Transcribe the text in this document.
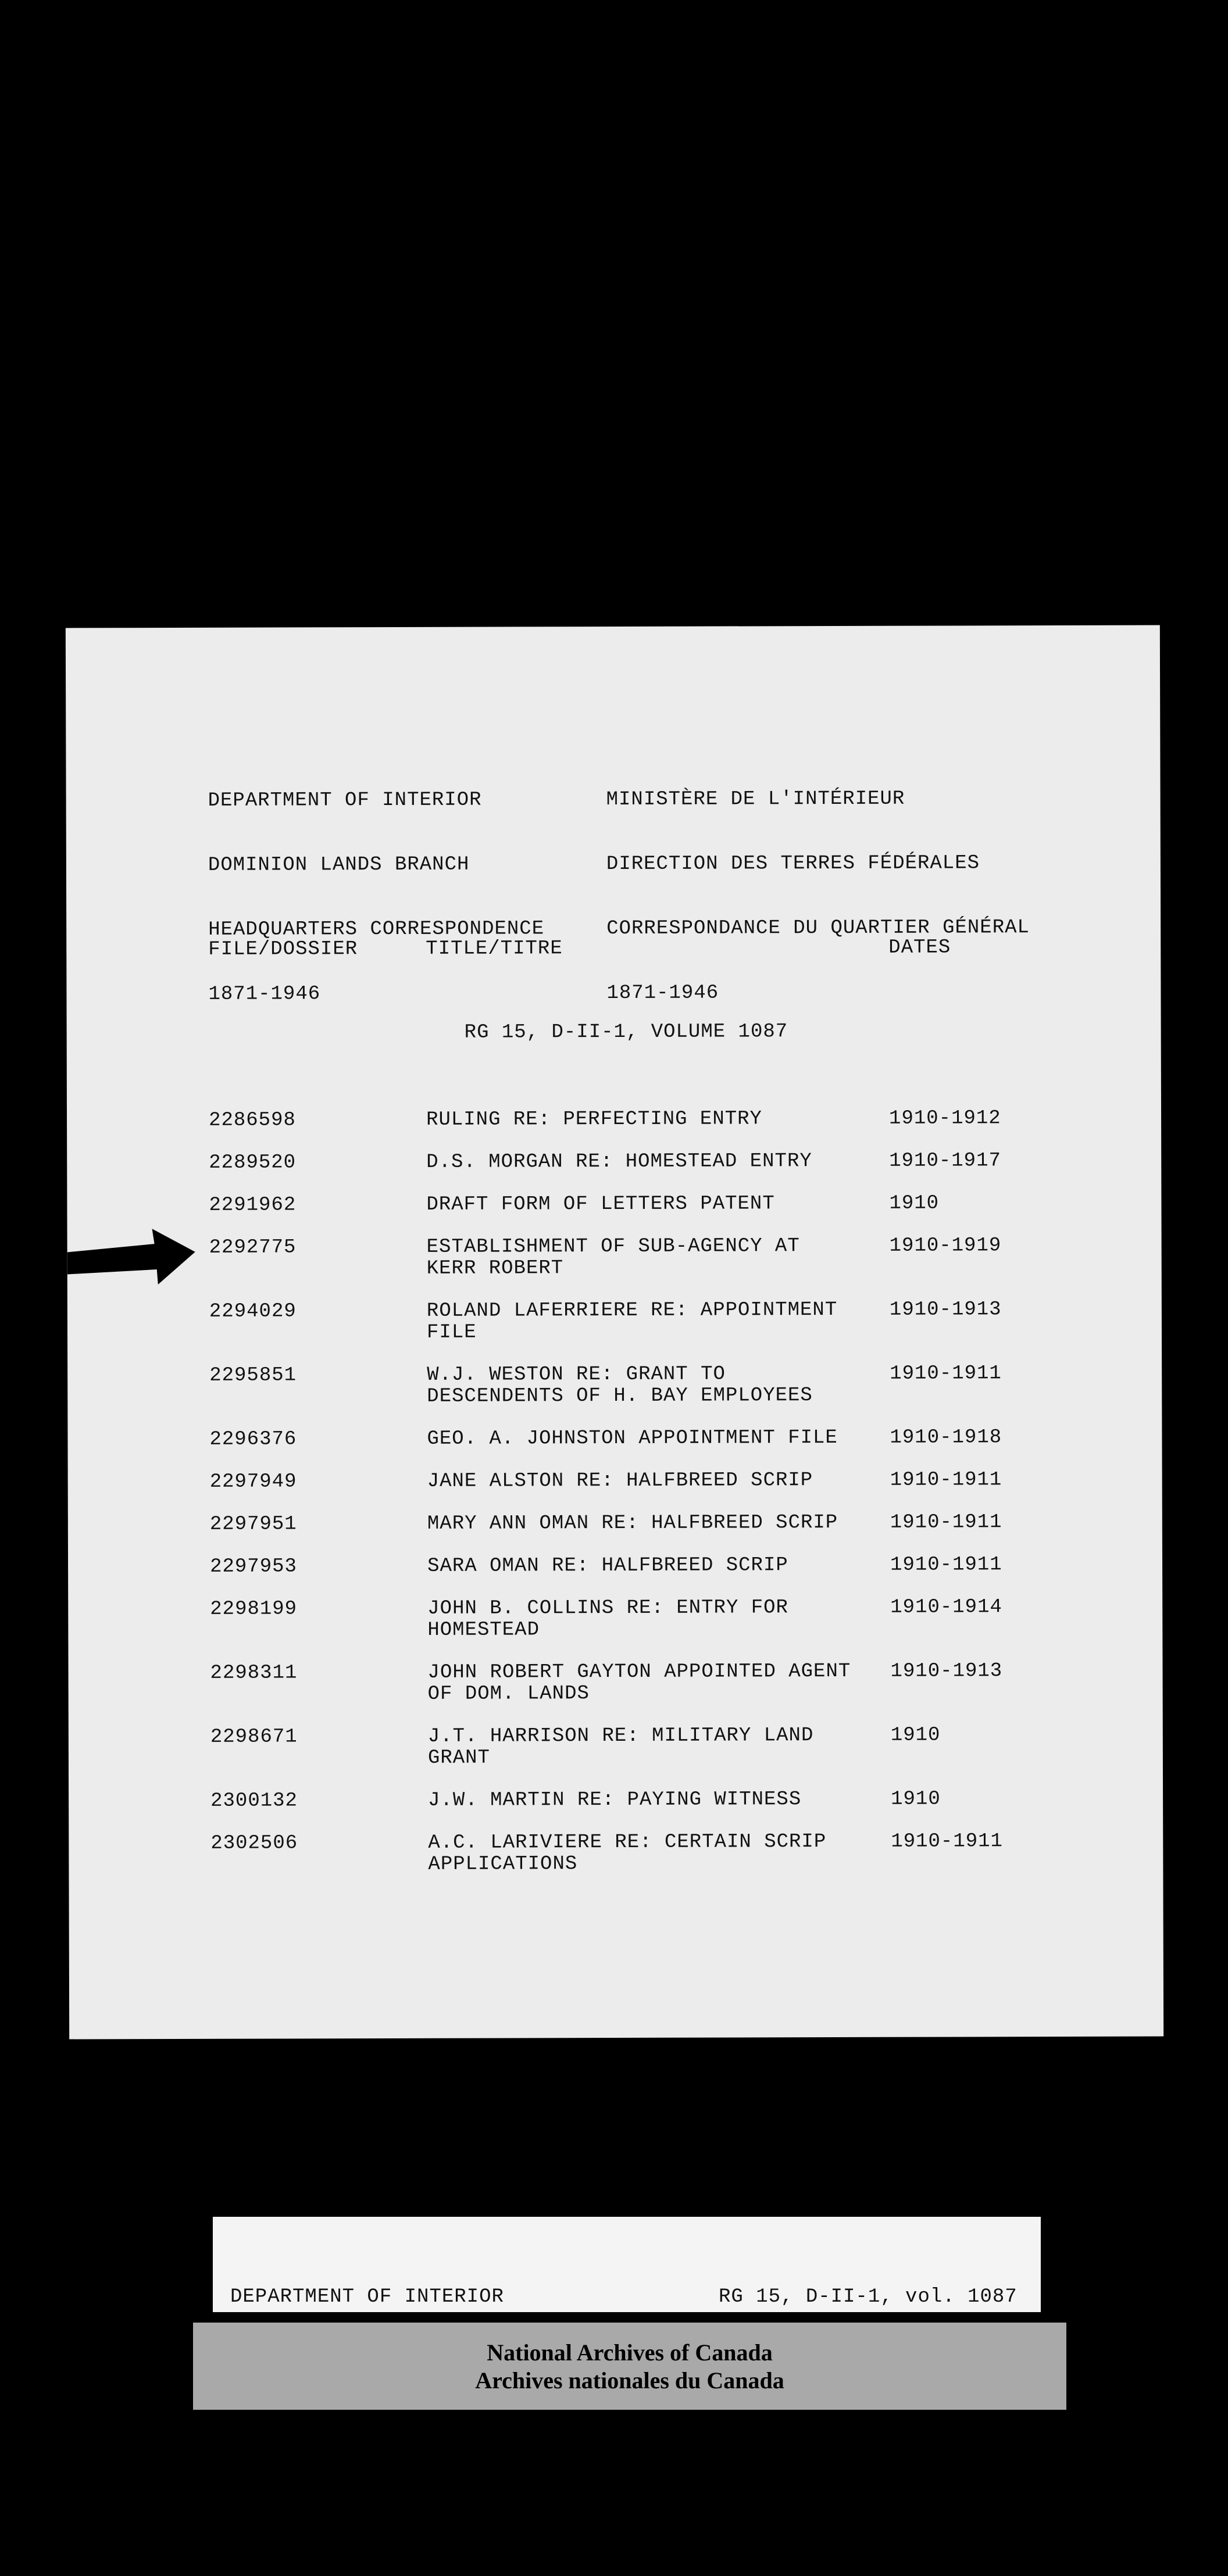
DEPARTMENT OF INTERIOR

DOMINION LANDS BRANCH

HEADQUARTERS CORRESPONDENCE

1871-1946

MINISTÈRE DE L'INTÉRIEUR

DIRECTION DES TERRES FÉDÉRALES

CORRESPONDANCE DU QUARTIER GÉNÉRAL

1871-1946

FILE/DOSSIER	TITLE/TITRE	DATES
RG 15, D-II-1, VOLUME 1087
2286598	RULING RE: PERFECTING ENTRY	1910-1912
2289520	D.S. MORGAN RE: HOMESTEAD ENTRY	1910-1917
2291962	DRAFT FORM OF LETTERS PATENT	1910
2292775	ESTABLISHMENT OF SUB-AGENCY AT
KERR ROBERT
1910-1919
2294029	ROLAND LAFERRIERE RE: APPOINTMENT
FILE
1910-1913
2295851	W.J. WESTON RE: GRANT TO
DESCENDENTS OF H. BAY EMPLOYEES
1910-1911
2296376	GEO. A. JOHNSTON APPOINTMENT FILE	1910-1918
2297949	JANE ALSTON RE: HALFBREED SCRIP	1910-1911
2297951	MARY ANN OMAN RE: HALFBREED SCRIP	1910-1911
2297953	SARA OMAN RE: HALFBREED SCRIP	1910-1911
2298199	JOHN B. COLLINS RE: ENTRY FOR
HOMESTEAD
1910-1914
2298311	JOHN ROBERT GAYTON APPOINTED AGENT
OF DOM. LANDS
1910-1913
2298671	J.T. HARRISON RE: MILITARY LAND
GRANT
1910
2300132	J.W. MARTIN RE: PAYING WITNESS	1910
2302506	A.C. LARIVIERE RE: CERTAIN SCRIP
APPLICATIONS
1910-1911

DEPARTMENT OF INTERIOR

	RG 15, D-II-1, vol. 1087

National Archives of Canada
Archives nationales du Canada
